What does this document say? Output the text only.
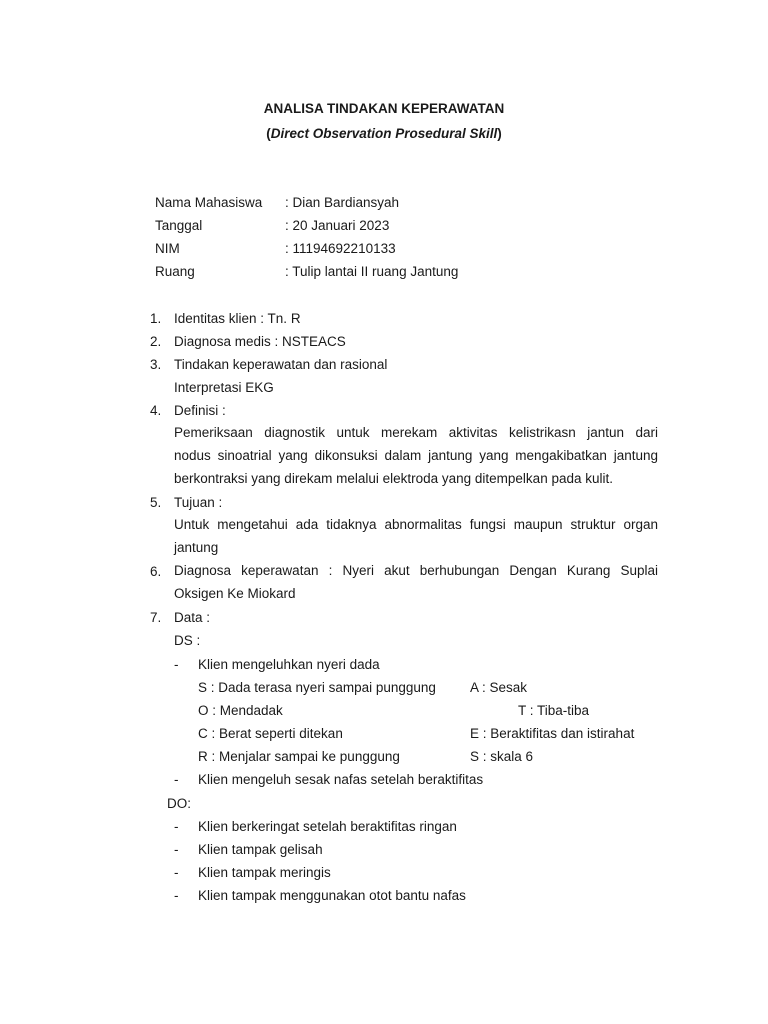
ANALISA TINDAKAN KEPERAWATAN
(Direct Observation Prosedural Skill)
Nama Mahasiswa : Dian Bardiansyah
Tanggal	: 20 Januari 2023
NIM	: 11194692210133
Ruang	: Tulip lantai II ruang Jantung
1. Identitas klien : Tn. R
2. Diagnosa medis : NSTEACS
3. Tindakan keperawatan dan rasional
Interpretasi EKG
4. Definisi :
Pemeriksaan diagnostik untuk merekam aktivitas kelistrikasn jantun dari
nodus sinoatrial yang dikonsuksi dalam jantung yang mengakibatkan jantung
berkontraksi yang direkam melalui elektroda yang ditempelkan pada kulit.
5. Tujuan :
Untuk mengetahui ada tidaknya abnormalitas fungsi maupun struktur organ
jantung
6. Diagnosa keperawatan : Nyeri akut berhubungan Dengan Kurang Suplai
Oksigen Ke Miokard
7. Data :
DS :
- Klien mengeluhkan nyeri dada
S : Dada terasa nyeri sampai punggung	A : Sesak
O : Mendadak	T : Tiba-tiba
C : Berat seperti ditekan	E : Beraktifitas dan istirahat
R : Menjalar sampai ke punggung	S : skala 6
- Klien mengeluh sesak nafas setelah beraktifitas
DO:
- Klien berkeringat setelah beraktifitas ringan
- Klien tampak gelisah
- Klien tampak meringis
- Klien tampak menggunakan otot bantu nafas
